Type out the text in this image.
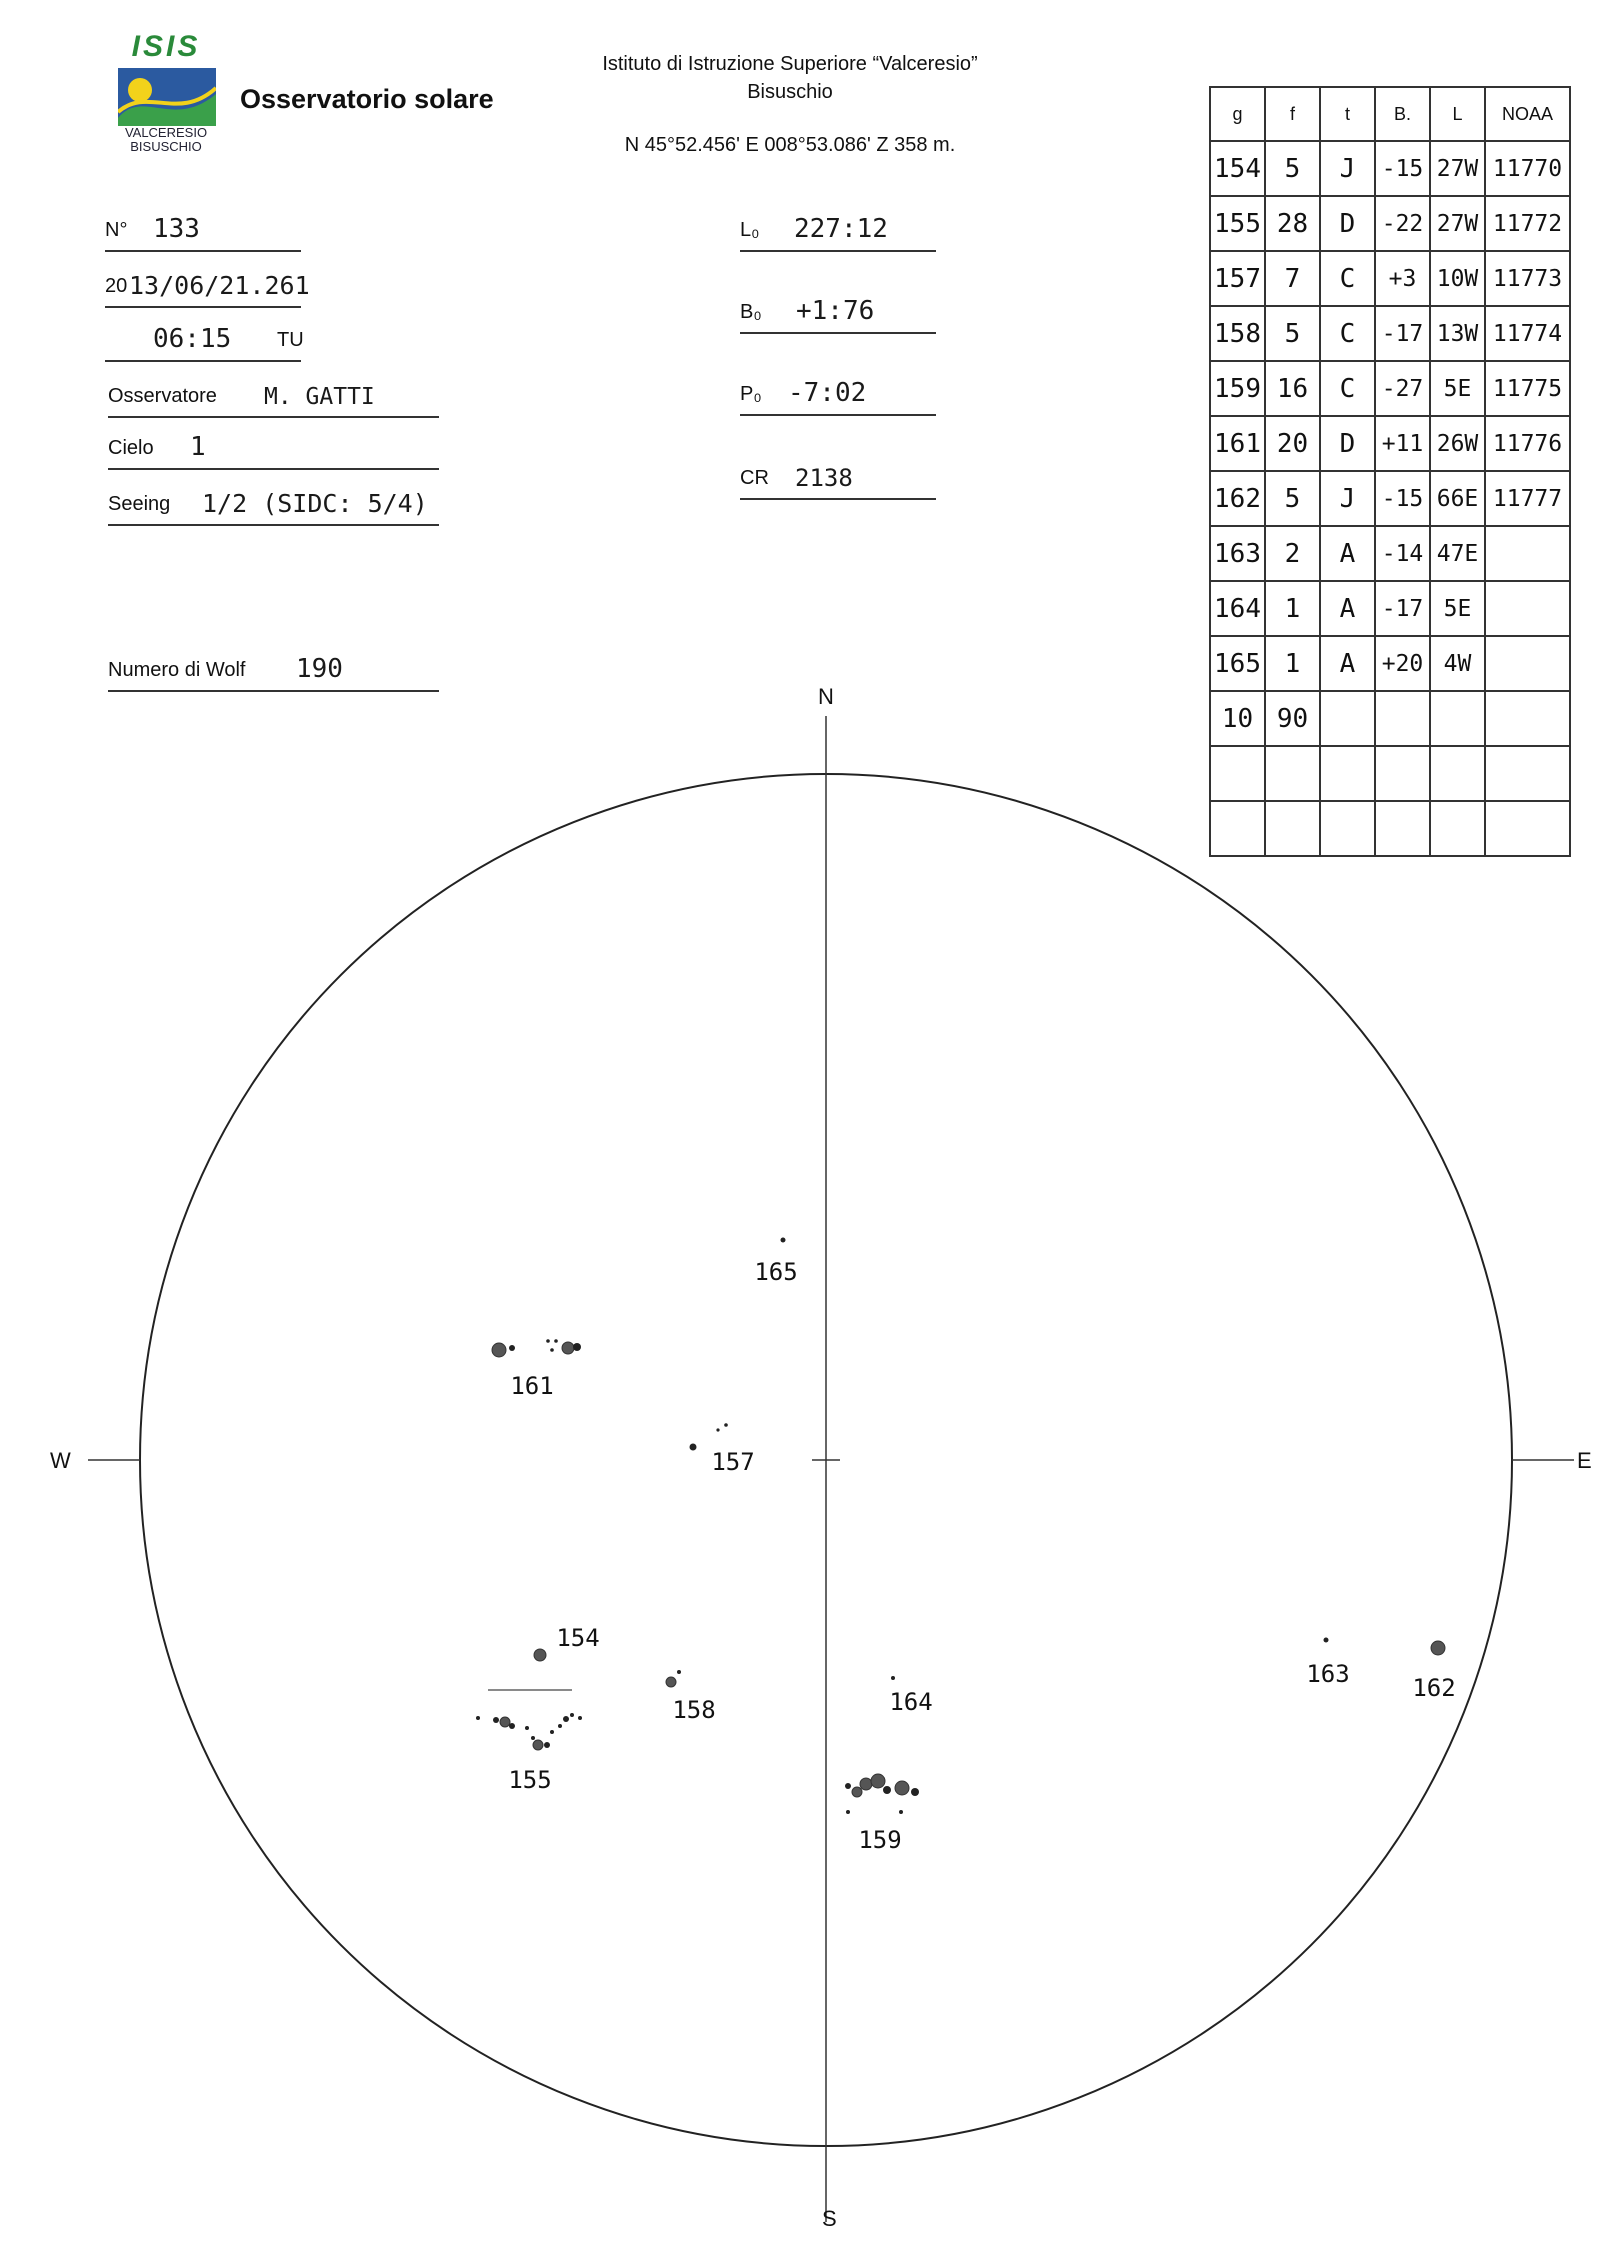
ISIS
VALCERESIO
BISUSCHIO
Osservatorio solare
Istituto di Istruzione Superiore “Valceresio”
Bisuschio
N 45°52.456' E 008°53.086' Z 358 m.
N° 133
20 13/06/21.261
06:15 TU
Osservatore M. GATTI
Cielo 1
Seeing 1/2 (SIDC: 5/4)
Numero di Wolf 190
L₀ 227:12
B₀ +1:76
P₀ -7:02
CR 2138
g	f	t	B.	L	NOAA
154	5	J	-15	27W	11770
155	28	D	-22	27W	11772
157	7	C	+3	10W	11773
158	5	C	-17	13W	11774
159	16	C	-27	5E	11775
161	20	D	+11	26W	11776
162	5	J	-15	66E	11777
163	2	A	-14	47E	
164	1	A	-17	5E	
165	1	A	+20	4W	
10	90				

N
S
W	E
165
161
157
154
155
158	164
159
163	162
